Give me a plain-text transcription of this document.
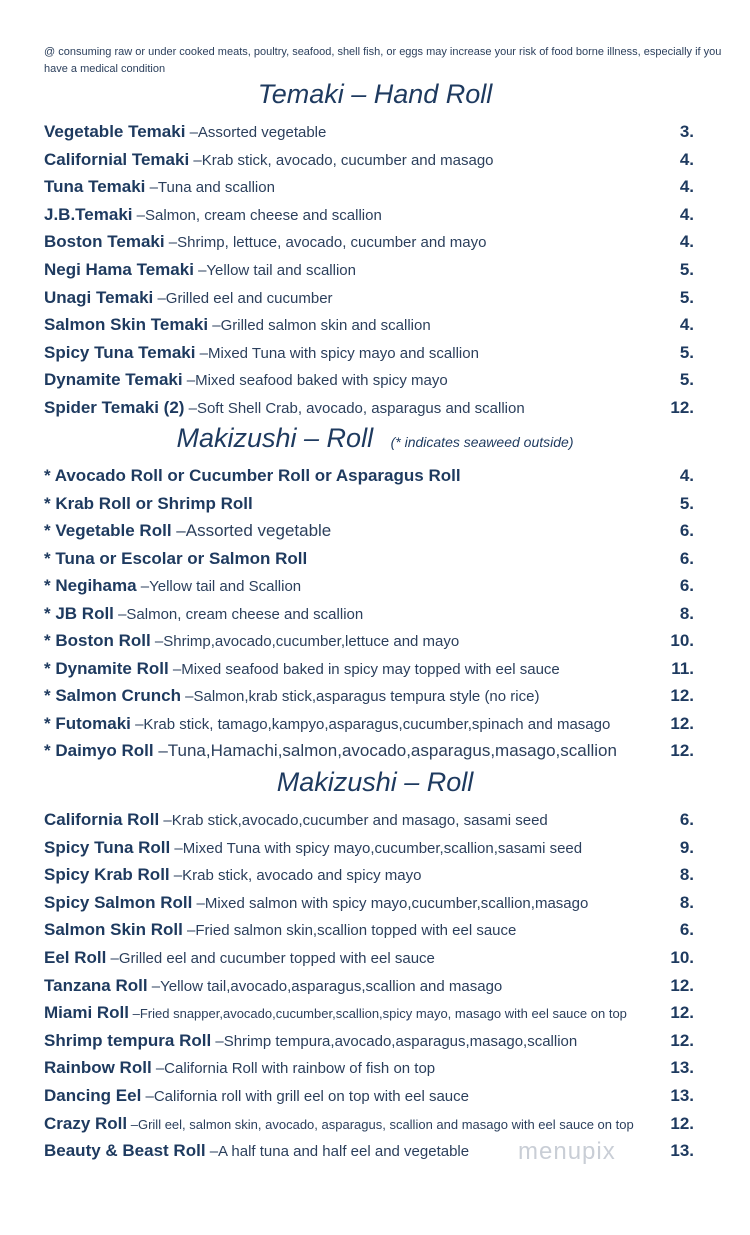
@ consuming raw or under cooked meats, poultry, seafood, shell fish, or eggs may increase your risk of food borne illness, especially if you have a medical condition
Temaki – Hand Roll
Vegetable Temaki –Assorted vegetable	3.
Californial Temaki –Krab stick, avocado, cucumber and masago	4.
Tuna Temaki –Tuna and scallion	4.
J.B.Temaki –Salmon, cream cheese and scallion	4.
Boston Temaki –Shrimp, lettuce, avocado, cucumber and mayo	4.
Negi Hama Temaki –Yellow tail and scallion	5.
Unagi Temaki –Grilled eel and cucumber	5.
Salmon Skin Temaki –Grilled salmon skin and scallion	4.
Spicy Tuna Temaki –Mixed Tuna with spicy mayo and scallion	5.
Dynamite Temaki –Mixed seafood baked with spicy mayo	5.
Spider Temaki (2) –Soft Shell Crab, avocado, asparagus and scallion	12.
Makizushi – Roll (* indicates seaweed outside)
* Avocado Roll or Cucumber Roll or Asparagus Roll	4.
* Krab Roll or Shrimp Roll	5.
* Vegetable Roll –Assorted vegetable	6.
* Tuna or Escolar or Salmon Roll	6.
* Negihama –Yellow tail and Scallion	6.
* JB Roll –Salmon, cream cheese and scallion	8.
* Boston Roll –Shrimp,avocado,cucumber,lettuce and mayo	10.
* Dynamite Roll –Mixed seafood baked in spicy may topped with eel sauce	11.
* Salmon Crunch –Salmon,krab stick,asparagus tempura style (no rice)	12.
* Futomaki –Krab stick, tamago,kampyo,asparagus,cucumber,spinach and masago	12.
* Daimyo Roll –Tuna,Hamachi,salmon,avocado,asparagus,masago,scallion	12.
Makizushi – Roll
California Roll –Krab stick,avocado,cucumber and masago, sasami seed	6.
Spicy Tuna Roll –Mixed Tuna with spicy mayo,cucumber,scallion,sasami seed	9.
Spicy Krab Roll –Krab stick, avocado and spicy mayo	8.
Spicy Salmon Roll –Mixed salmon with spicy mayo,cucumber,scallion,masago	8.
Salmon Skin Roll –Fried salmon skin,scallion topped with eel sauce	6.
Eel Roll –Grilled eel and cucumber topped with eel sauce	10.
Tanzana Roll –Yellow tail,avocado,asparagus,scallion and masago	12.
Miami Roll –Fried snapper,avocado,cucumber,scallion,spicy mayo, masago with eel sauce on top	12.
Shrimp tempura Roll –Shrimp tempura,avocado,asparagus,masago,scallion	12.
Rainbow Roll –California Roll with rainbow of fish on top	13.
Dancing Eel –California roll with grill eel on top with eel sauce	13.
Crazy Roll –Grill eel, salmon skin, avocado, asparagus, scallion and masago with eel sauce on top	12.
Beauty & Beast Roll –A half tuna and half eel and vegetable	13.
menupix
